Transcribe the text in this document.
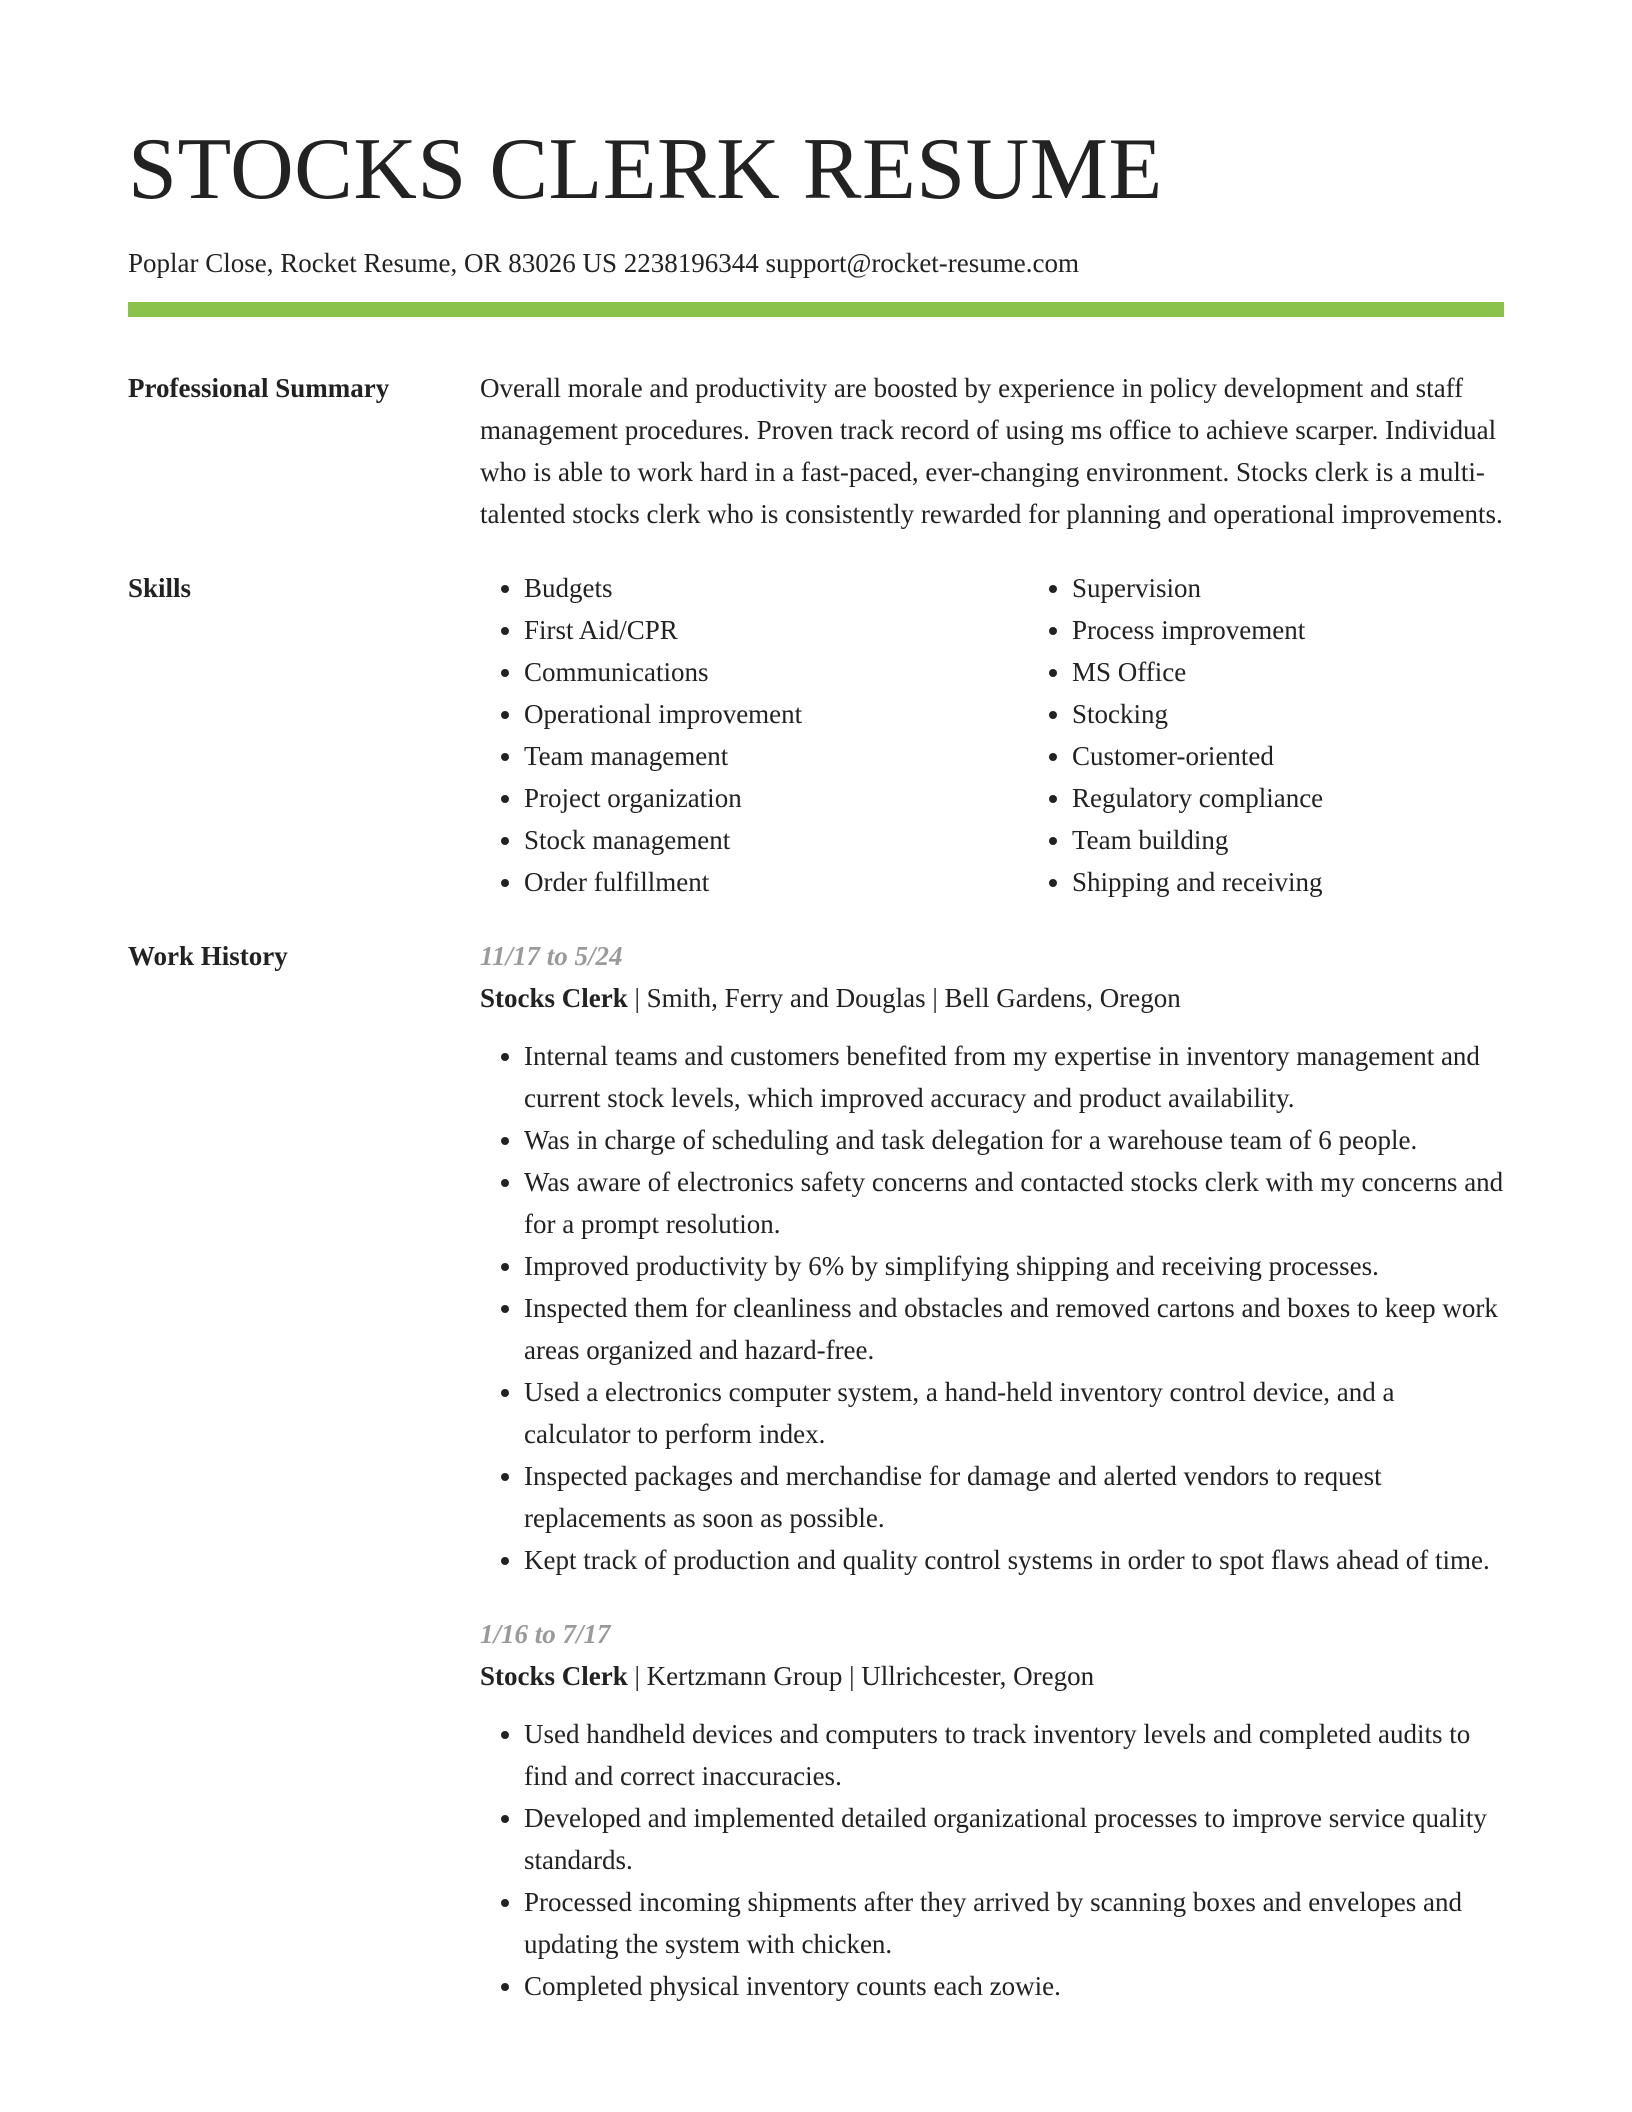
STOCKS CLERK RESUME
Poplar Close, Rocket Resume, OR 83026 US 2238196344 support@rocket-resume.com
Professional Summary	Overall morale and productivity are boosted by experience in policy development and staff management procedures. Proven track record of using ms office to achieve scarper. Individual who is able to work hard in a fast-paced, ever-changing environment. Stocks clerk is a multi-talented stocks clerk who is consistently rewarded for planning and operational improvements.
Skills
•	Budgets
• First Aid/CPR
• Communications
• Operational improvement
• Team management
• Project organization
• Stock management
• Order fulfillment
• Supervision
• Process improvement
• MS Office
• Stocking
• Customer-oriented
• Regulatory compliance
• Team building
• Shipping and receiving
Work History	11/17 to 5/24
Stocks Clerk | Smith, Ferry and Douglas | Bell Gardens, Oregon
• Internal teams and customers benefited from my expertise in inventory management and current stock levels, which improved accuracy and product availability.
• Was in charge of scheduling and task delegation for a warehouse team of 6 people.
• Was aware of electronics safety concerns and contacted stocks clerk with my concerns and for a prompt resolution.
• Improved productivity by 6% by simplifying shipping and receiving processes.
• Inspected them for cleanliness and obstacles and removed cartons and boxes to keep work areas organized and hazard-free.
• Used a electronics computer system, a hand-held inventory control device, and a calculator to perform index.
• Inspected packages and merchandise for damage and alerted vendors to request replacements as soon as possible.
• Kept track of production and quality control systems in order to spot flaws ahead of time.
1/16 to 7/17
Stocks Clerk | Kertzmann Group | Ullrichcester, Oregon
• Used handheld devices and computers to track inventory levels and completed audits to find and correct inaccuracies.
• Developed and implemented detailed organizational processes to improve service quality standards.
• Processed incoming shipments after they arrived by scanning boxes and envelopes and updating the system with chicken.
• Completed physical inventory counts each zowie.
